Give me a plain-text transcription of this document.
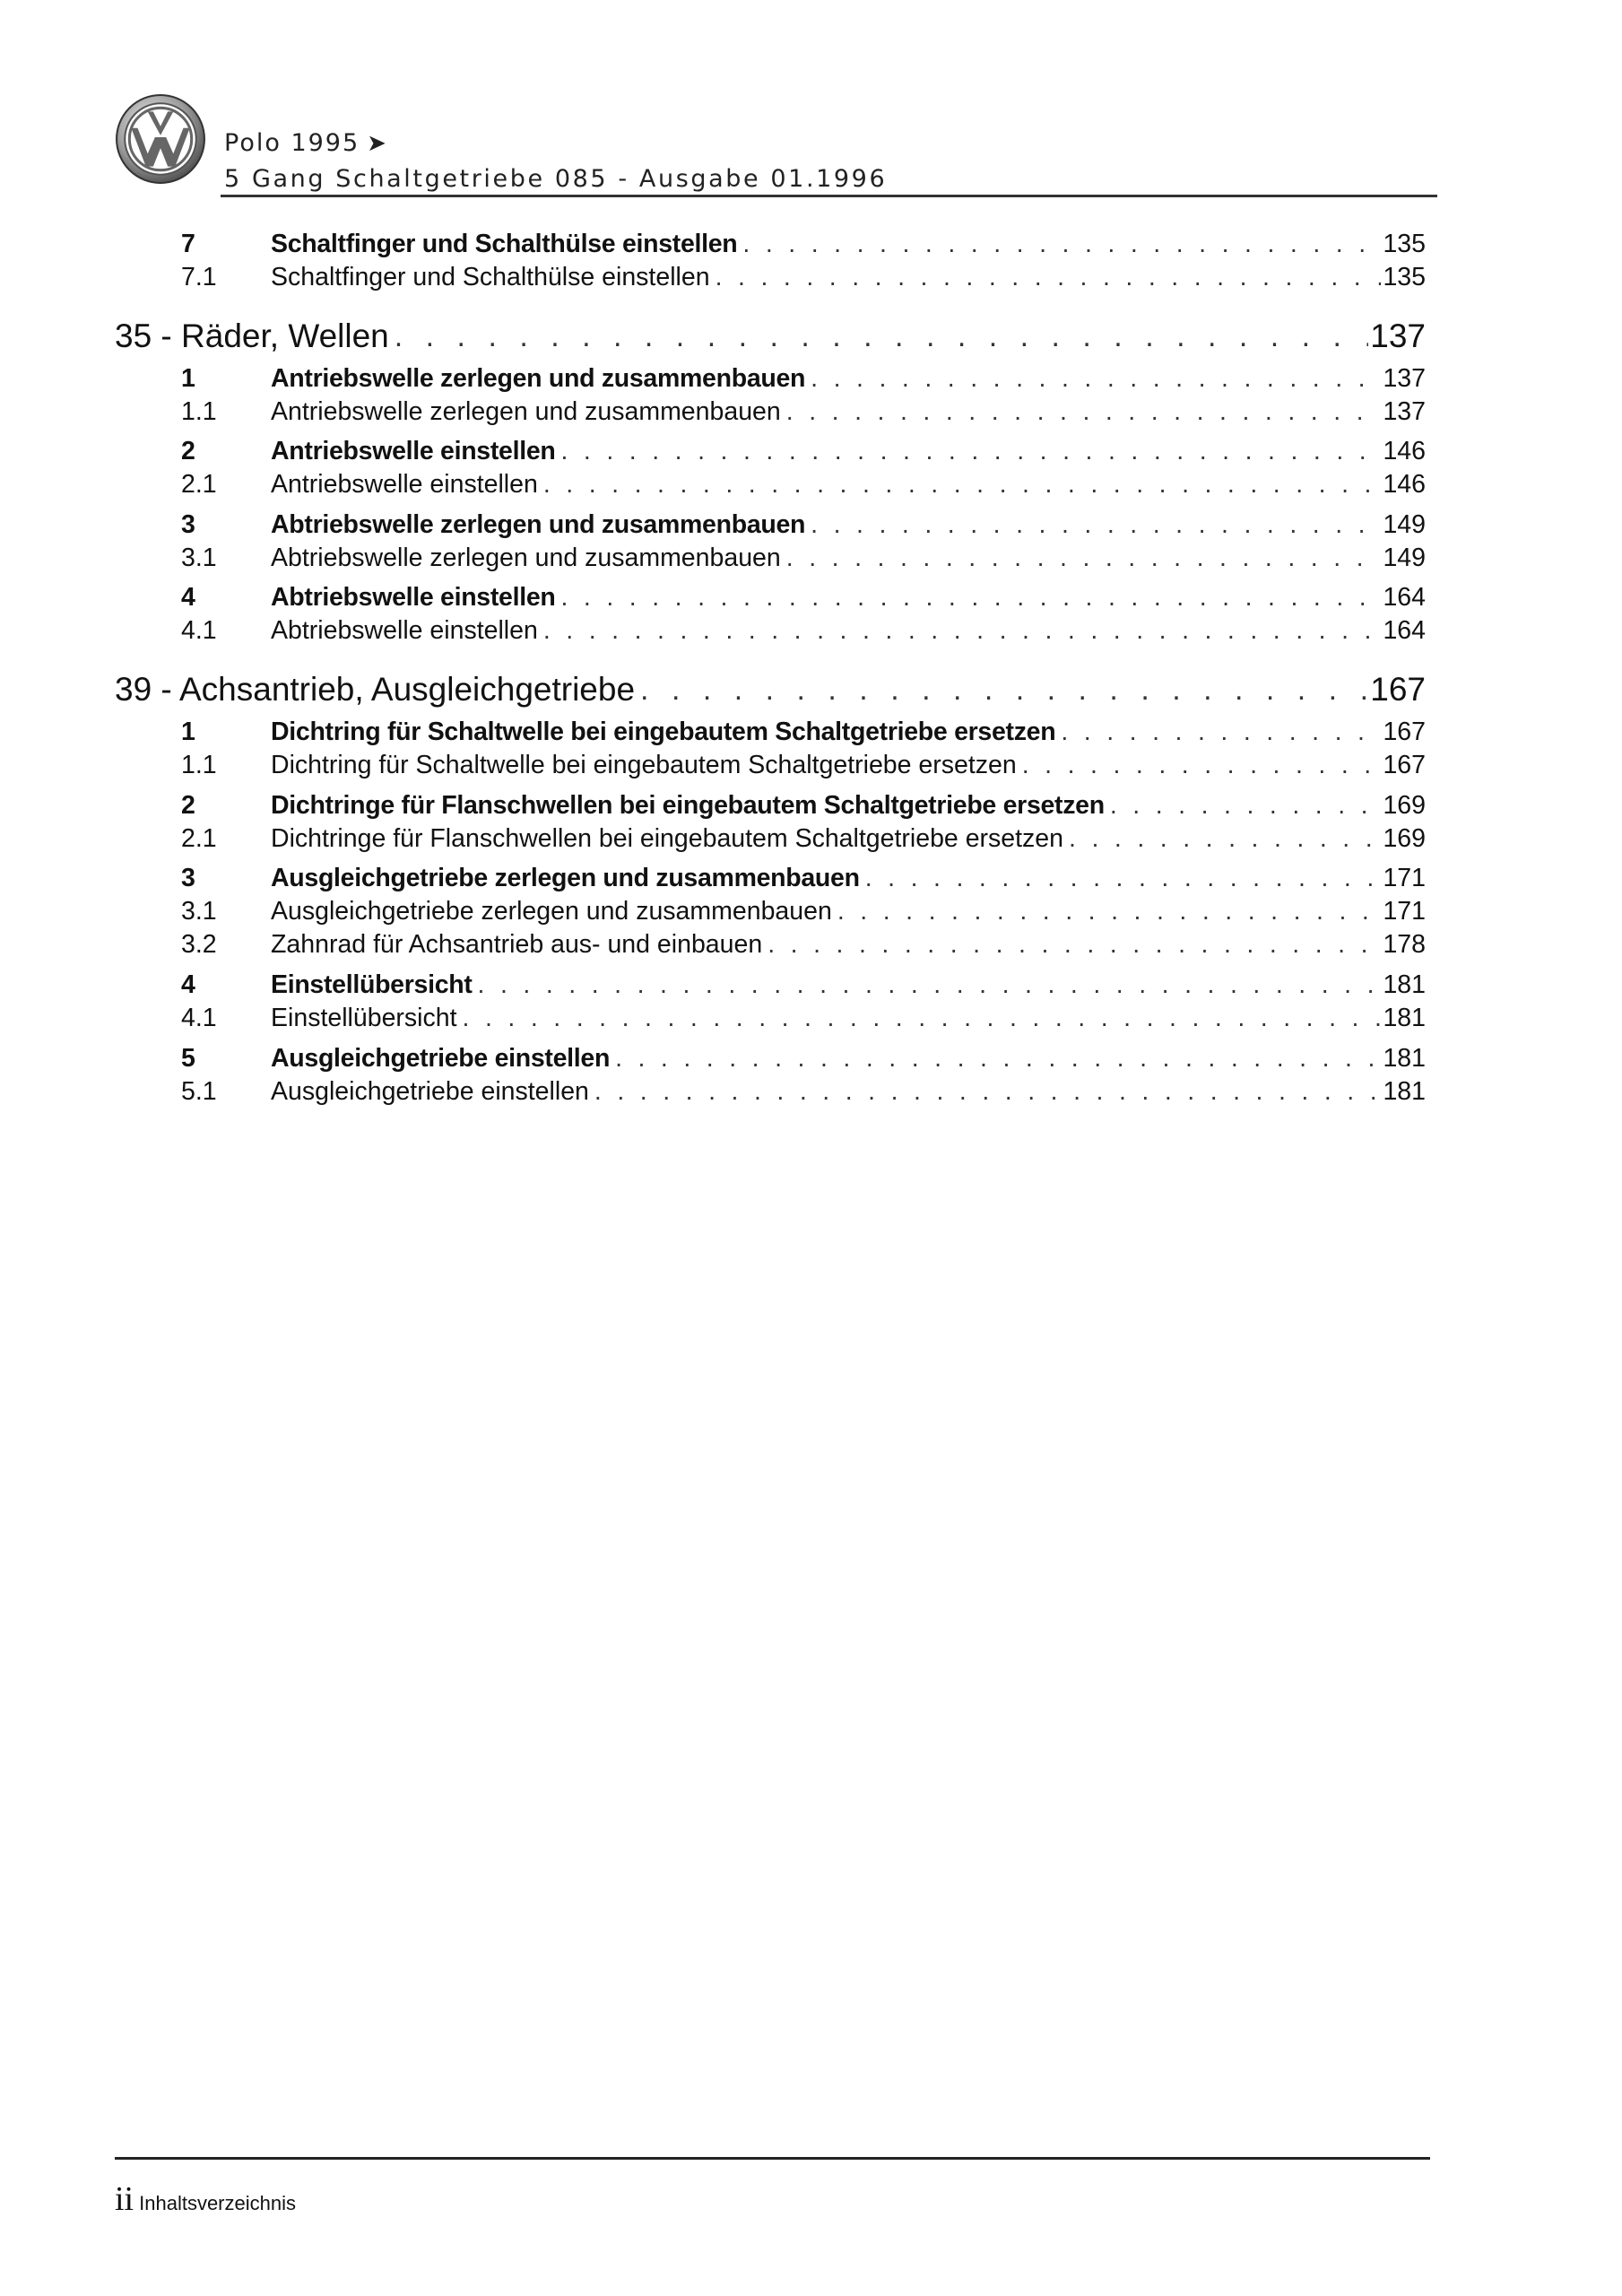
Polo 1995 ➤
5 Gang Schaltgetriebe 085 - Ausgabe 01.1996
7	Schaltfinger und Schalthülse einstellen . . .	135
7.1	Schaltfinger und Schalthülse einstellen . . .	135
35 - Räder, Wellen . . .	137
1	Antriebswelle zerlegen und zusammenbauen . . .	137
1.1	Antriebswelle zerlegen und zusammenbauen . . .	137
2	Antriebswelle einstellen . . .	146
2.1	Antriebswelle einstellen . . .	146
3	Abtriebswelle zerlegen und zusammenbauen . . .	149
3.1	Abtriebswelle zerlegen und zusammenbauen . . .	149
4	Abtriebswelle einstellen . . .	164
4.1	Abtriebswelle einstellen . . .	164
39 - Achsantrieb, Ausgleichgetriebe . . .	167
1	Dichtring für Schaltwelle bei eingebautem Schaltgetriebe ersetzen . . .	167
1.1	Dichtring für Schaltwelle bei eingebautem Schaltgetriebe ersetzen . . .	167
2	Dichtringe für Flanschwellen bei eingebautem Schaltgetriebe ersetzen . . .	169
2.1	Dichtringe für Flanschwellen bei eingebautem Schaltgetriebe ersetzen . . .	169
3	Ausgleichgetriebe zerlegen und zusammenbauen . . .	171
3.1	Ausgleichgetriebe zerlegen und zusammenbauen . . .	171
3.2	Zahnrad für Achsantrieb aus- und einbauen . . .	178
4	Einstellübersicht . . .	181
4.1	Einstellübersicht . . .	181
5	Ausgleichgetriebe einstellen . . .	181
5.1	Ausgleichgetriebe einstellen . . .	181
ii Inhaltsverzeichnis
